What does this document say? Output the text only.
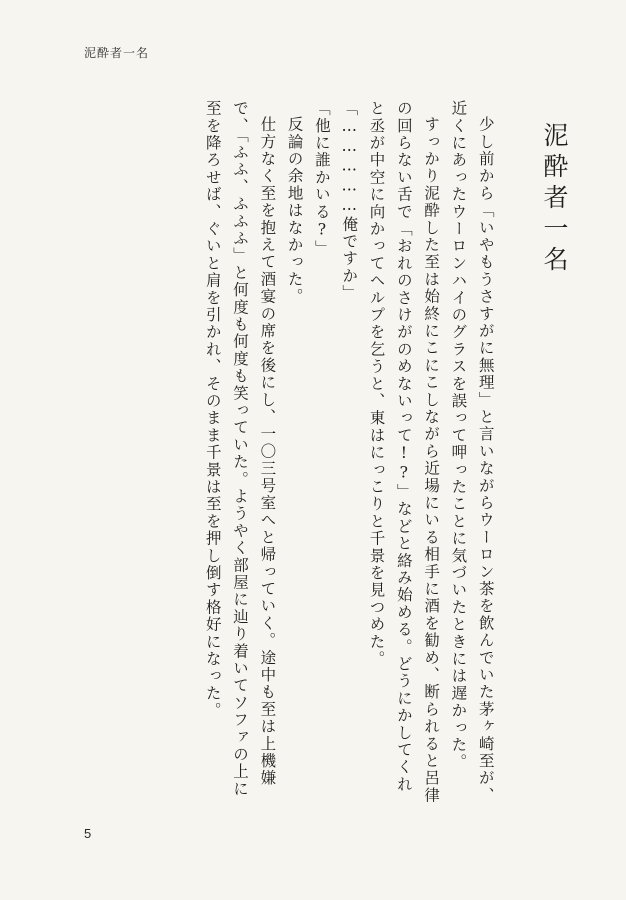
泥酔者一名
泥酔者一名

少し前から「いやもうさすがに無理」と言いながらウーロン茶を飲んでいた茅ヶ崎至が、近くにあったウーロンハイのグラスを誤って呷ったことに気づいたときには遅かった。

すっかり泥酔した至は始終にこにこしながら近場にいる相手に酒を勧め、断られると呂律の回らない舌で「おれのさけがのめないって!?」などと絡み始める。どうにかしてくれと丞が中空に向かってヘルプを乞うと、東はにっこりと千景を見つめた。

「……………俺ですか」

「他に誰かいる?」

反論の余地はなかった。

仕方なく至を抱えて酒宴の席を後にし、一〇三号室へと帰っていく。途中も至は上機嫌で、「ふふ、ふふふ」と何度も何度も笑っていた。ようやく部屋に辿り着いてソファの上に至を降ろせば、ぐいと肩を引かれ、そのまま千景は至を押し倒す格好になった。

5
